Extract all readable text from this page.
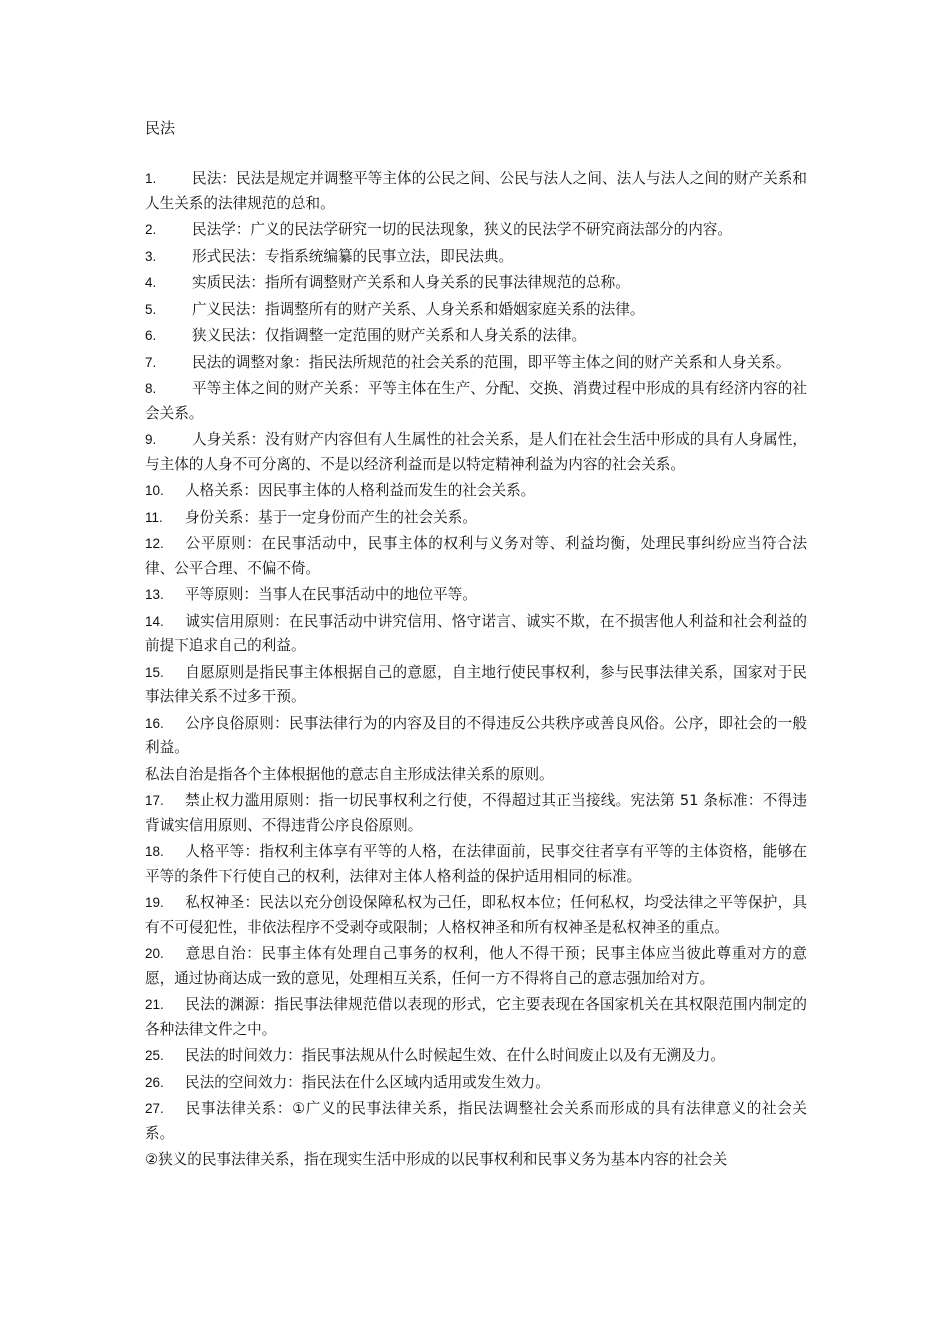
民法
1. 民法：民法是规定并调整平等主体的公民之间、公民与法人之间、法人与法人之间的财产关系和人生关系的法律规范的总和。
2. 民法学：广义的民法学研究一切的民法现象，狭义的民法学不研究商法部分的内容。
3. 形式民法：专指系统编纂的民事立法，即民法典。
4. 实质民法：指所有调整财产关系和人身关系的民事法律规范的总称。
5. 广义民法：指调整所有的财产关系、人身关系和婚姻家庭关系的法律。
6. 狭义民法：仅指调整一定范围的财产关系和人身关系的法律。
7. 民法的调整对象：指民法所规范的社会关系的范围，即平等主体之间的财产关系和人身关系。
8. 平等主体之间的财产关系：平等主体在生产、分配、交换、消费过程中形成的具有经济内容的社会关系。
9. 人身关系：没有财产内容但有人生属性的社会关系，是人们在社会生活中形成的具有人身属性，与主体的人身不可分离的、不是以经济利益而是以特定精神利益为内容的社会关系。
10. 人格关系：因民事主体的人格利益而发生的社会关系。
11. 身份关系：基于一定身份而产生的社会关系。
12. 公平原则：在民事活动中，民事主体的权利与义务对等、利益均衡，处理民事纠纷应当符合法律、公平合理、不偏不倚。
13. 平等原则：当事人在民事活动中的地位平等。
14. 诚实信用原则：在民事活动中讲究信用、恪守诺言、诚实不欺，在不损害他人利益和社会利益的前提下追求自己的利益。
15. 自愿原则是指民事主体根据自己的意愿，自主地行使民事权利，参与民事法律关系，国家对于民事法律关系不过多干预。
16. 公序良俗原则：民事法律行为的内容及目的不得违反公共秩序或善良风俗。公序，即社会的一般利益。
私法自治是指各个主体根据他的意志自主形成法律关系的原则。
17. 禁止权力滥用原则：指一切民事权利之行使，不得超过其正当接线。宪法第 51 条标准：不得违背诚实信用原则、不得违背公序良俗原则。
18. 人格平等：指权利主体享有平等的人格，在法律面前，民事交往者享有平等的主体资格，能够在平等的条件下行使自己的权利，法律对主体人格利益的保护适用相同的标准。
19. 私权神圣：民法以充分创设保障私权为己任，即私权本位；任何私权，均受法律之平等保护，具有不可侵犯性，非依法程序不受剥夺或限制；人格权神圣和所有权神圣是私权神圣的重点。
20. 意思自治：民事主体有处理自己事务的权利，他人不得干预；民事主体应当彼此尊重对方的意愿，通过协商达成一致的意见，处理相互关系，任何一方不得将自己的意志强加给对方。
21. 民法的渊源：指民事法律规范借以表现的形式，它主要表现在各国家机关在其权限范围内制定的各种法律文件之中。
25. 民法的时间效力：指民事法规从什么时候起生效、在什么时间废止以及有无溯及力。
26. 民法的空间效力：指民法在什么区域内适用或发生效力。
27. 民事法律关系：①广义的民事法律关系，指民法调整社会关系而形成的具有法律意义的社会关系。
②狭义的民事法律关系，指在现实生活中形成的以民事权利和民事义务为基本内容的社会关
